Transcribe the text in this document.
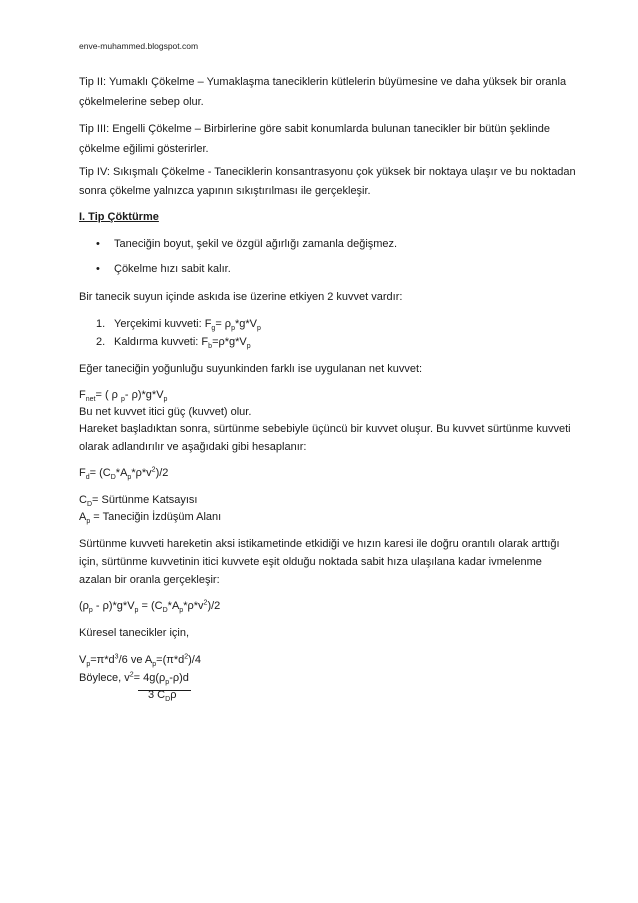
enve-muhammed.blogspot.com
Tip II: Yumaklı Çökelme – Yumaklaşma taneciklerin kütlelerin büyümesine ve daha yüksek bir oranla
çökelmelerine sebep olur.
Tip III: Engelli Çökelme – Birbirlerine göre sabit konumlarda bulunan tanecikler bir bütün şeklinde
çökelme eğilimi gösterirler.
Tip IV: Sıkışmalı Çökelme - Taneciklerin konsantrasyonu çok yüksek bir noktaya ulaşır ve bu noktadan
sonra çökelme yalnızca yapının sıkıştırılması ile gerçekleşir.
I. Tip Çöktürme
• Taneciğin boyut, şekil ve özgül ağırlığı zamanla değişmez.
• Çökelme hızı sabit kalır.
Bir tanecik suyun içinde askıda ise üzerine etkiyen 2 kuvvet vardır:
1. Yerçekimi kuvveti: $F_g= \rho_p*g*V_p$
2. Kaldırma kuvveti: $F_b=\rho*g*V_p$
Eğer taneciğin yoğunluğu suyunkinden farklı ise uygulanan net kuvvet:
$F_{net}=$ ( ρ $_p$- $\rho)*g*V_p$
Bu net kuvvet itici güç (kuvvet) olur.
Hareket başladıktan sonra, sürtünme sebebiyle üçüncü bir kuvvet oluşur. Bu kuvvet sürtünme kuvveti
olarak adlandırılır ve aşağıdaki gibi hesaplanır:
$F_d= (C_D*A_p*\rho*v^2)/2$
$C_D=$ Sürtünme Katsayısı
$A_p$ = Taneciğin İzdüşüm Alanı
Sürtünme kuvveti hareketin aksi istikametinde etkidiği ve hızın karesi ile doğru orantılı olarak arttığı
için, sürtünme kuvvetinin itici kuvvete eşit olduğu noktada sabit hıza ulaşılana kadar ivmelenme
azalan bir oranla gerçekleşir:
$(\rho_p - \rho)*g*V_p = (C_D*A_p*\rho*v^2)/2$
Küresel tanecikler için,
$V_p=\pi*d^3/6$ ve $A_p=(\pi*d^2)/4$
Böylece, $v^2= 4g(\rho_p-\rho)d$
3 $C_D\rho$
